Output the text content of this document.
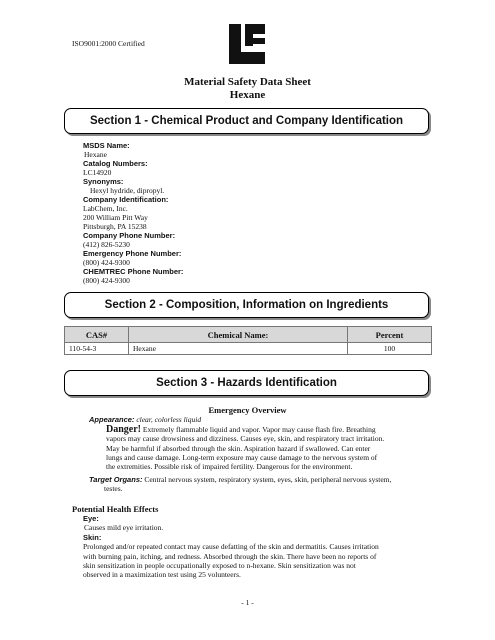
ISO9001:2000 Certified
Material Safety Data Sheet
Hexane
Section 1 - Chemical Product and Company Identification
MSDS Name:
Hexane
Catalog Numbers:
LC14920
Synonyms:
Hexyl hydride, dipropyl.
Company Identification:
LabChem, Inc.
200 William Pitt Way
Pittsburgh, PA 15238
Company Phone Number:
(412) 826-5230
Emergency Phone Number:
(800) 424-9300
CHEMTREC Phone Number:
(800) 424-9300
Section 2 - Composition, Information on Ingredients
CAS#	Chemical Name:	Percent
110-54-3	Hexane	100
Section 3 - Hazards Identification
Emergency Overview
Appearance: clear, colorless liquid
Danger! Extremely flammable liquid and vapor. Vapor may cause flash fire. Breathing
vapors may cause drowsiness and dizziness. Causes eye, skin, and respiratory tract irritation.
May be harmful if absorbed through the skin. Aspiration hazard if swallowed. Can enter
lungs and cause damage. Long-term exposure may cause damage to the nervous system of
the extremities. Possible risk of impaired fertility. Dangerous for the environment.
Target Organs: Central nervous system, respiratory system, eyes, skin, peripheral nervous system,
testes.
Potential Health Effects
Eye:
Causes mild eye irritation.
Skin:
Prolonged and/or repeated contact may cause defatting of the skin and dermatitis. Causes irritation
with burning pain, itching, and redness. Absorbed through the skin. There have been no reports of
skin sensitization in people occupationally exposed to n-hexane. Skin sensitization was not
observed in a maximization test using 25 volunteers.
- 1 -
